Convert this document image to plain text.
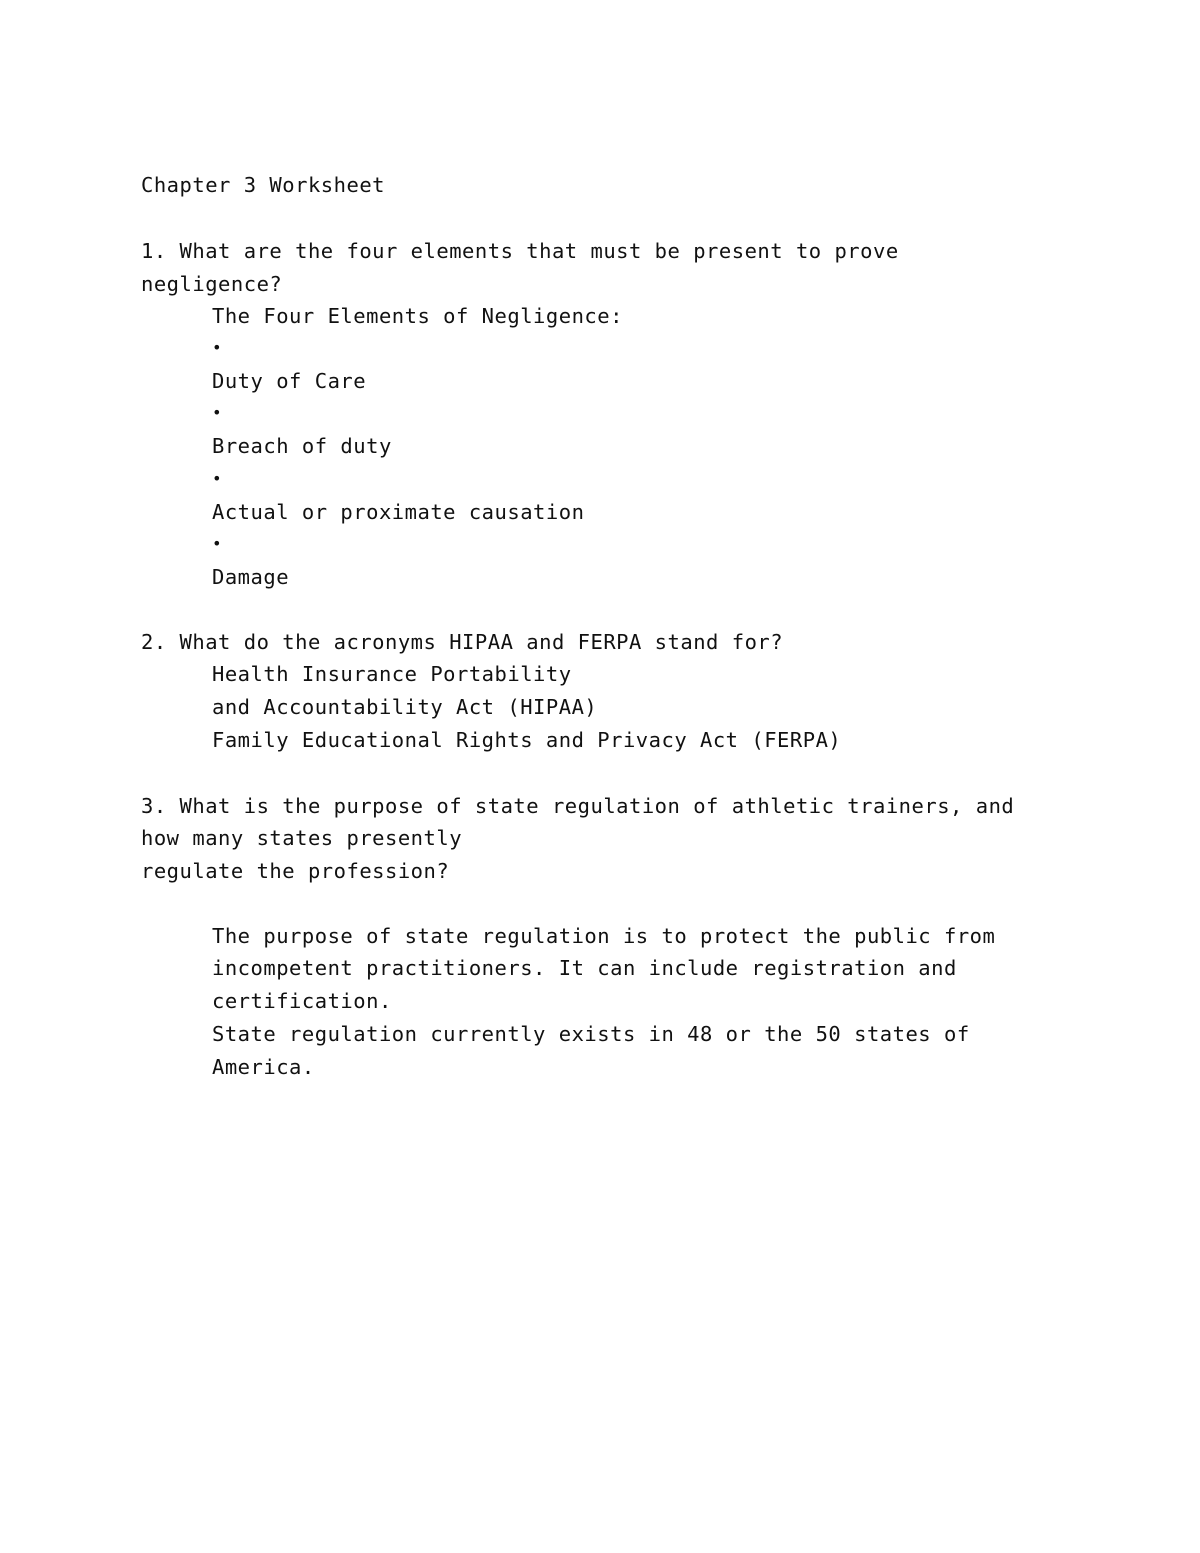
Chapter 3 Worksheet
1. What are the four elements that must be present to prove
negligence?
The Four Elements of Negligence:
•
Duty of Care
•
Breach of duty
•
Actual or proximate causation
•
Damage
2. What do the acronyms HIPAA and FERPA stand for?
Health Insurance Portability
and Accountability Act (HIPAA)
Family Educational Rights and Privacy Act (FERPA)
3. What is the purpose of state regulation of athletic trainers, and
how many states presently
regulate the profession?
The purpose of state regulation is to protect the public from
incompetent practitioners. It can include registration and
certification.
State regulation currently exists in 48 or the 50 states of
America.
